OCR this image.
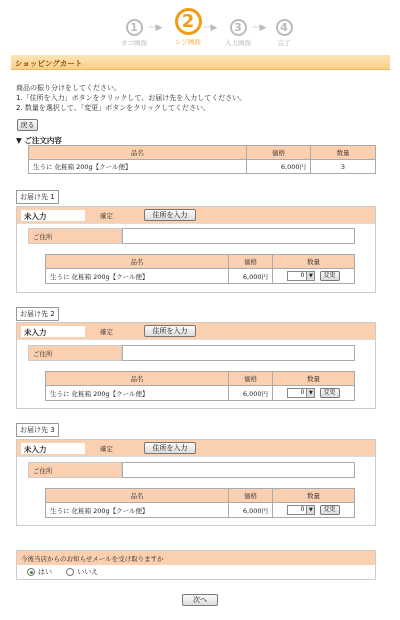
1
カゴ画面
····▶	2
レジ画面
····▶	3
入力画面
····▶	4
完了
ショッピングカート
商品の振り分けをしてください。
1.「住所を入力」ボタンをクリックして、お届け先を入力してください。
2. 数量を選択して、「変更」ボタンをクリックしてください。
戻る
▼ ご注文内容
品名	価格	数量
生うに 化粧箱 200g【クール便】	6,000円	3
お届け先 1
未入力	確定	住所を入力
ご住所
品名	価格	数量
生うに 化粧箱 200g【クール便】	6,000円	0 ▼ 変更
お届け先 2
未入力	確定	住所を入力
ご住所
品名	価格	数量
生うに 化粧箱 200g【クール便】	6,000円	0 ▼ 変更
お届け先 3
未入力	確定	住所を入力
ご住所
品名	価格	数量
生うに 化粧箱 200g【クール便】	6,000円	0 ▼ 変更
今後当店からのお知らせメールを受け取りますか
はい	いいえ
次へ
